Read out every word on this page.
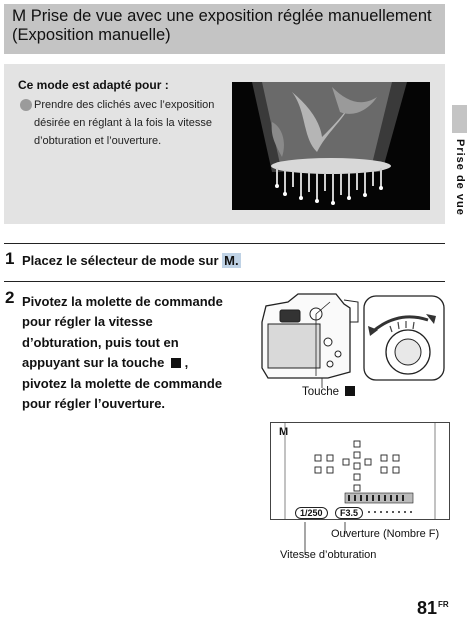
M Prise de vue avec une exposition réglée manuellement
(Exposition manuelle)
Ce mode est adapté pour :
Prendre des clichés avec l’exposition
désirée en réglant à la fois la vitesse
d’obturation et l’ouverture.	Prise de vue
1 Placez le sélecteur de mode sur M.
2 Pivotez la molette de commande
pour régler la vitesse
d’obturation, puis tout en
appuyant sur la touche ,
pivotez la molette de commande
pour régler l’ouverture.
Touche
M
1/250	F3.5
Ouverture (Nombre F)
Vitesse d’obturation
$81^{FR}$
